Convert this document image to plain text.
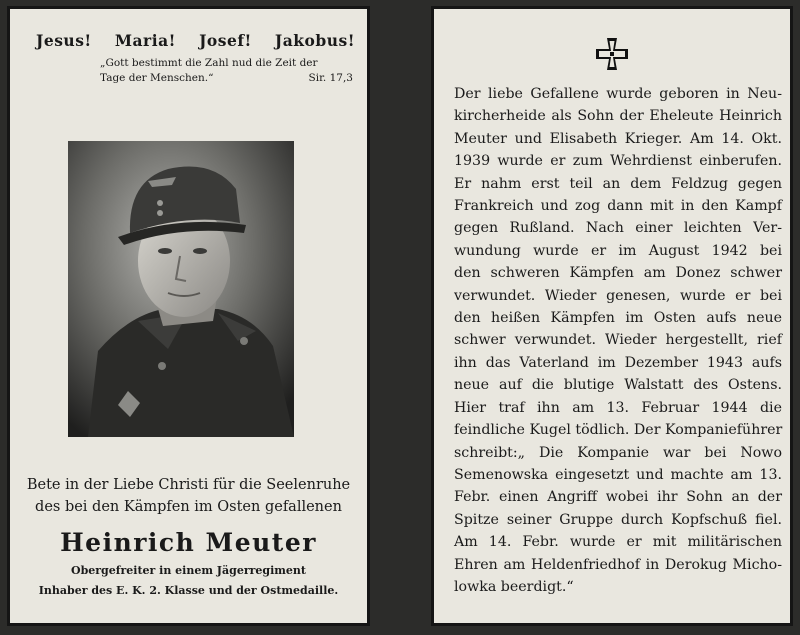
Jesus! Maria! Josef! Jakobus!
„Gott bestimmt die Zahl nud die Zeit der
Tage der Menschen.“	Sir. 17,3
Bete in der Liebe Christi für die Seelenruhe
des bei den Kämpfen im Osten gefallenen
Heinrich Meuter
Obergefreiter in einem Jägerregiment
Inhaber des E. K. 2. Klasse und der Ostmedaille.
Der liebe Gefallene wurde geboren in Neu-
kircherheide als Sohn der Eheleute Heinrich
Meuter und Elisabeth Krieger. Am 14. Okt.
1939 wurde er zum Wehrdienst einberufen.
Er nahm erst teil an dem Feldzug gegen
Frankreich und zog dann mit in den Kampf
gegen Rußland. Nach einer leichten Ver-
wundung wurde er im August 1942 bei
den schweren Kämpfen am Donez schwer
verwundet. Wieder genesen, wurde er bei
den heißen Kämpfen im Osten aufs neue
schwer verwundet. Wieder hergestellt, rief
ihn das Vaterland im Dezember 1943 aufs
neue auf die blutige Walstatt des Ostens.
Hier traf ihn am 13. Februar 1944 die
feindliche Kugel tödlich. Der Kompanieführer
schreibt:„ Die Kompanie war bei Nowo
Semenowska eingesetzt und machte am 13.
Febr. einen Angriff wobei ihr Sohn an der
Spitze seiner Gruppe durch Kopfschuß fiel.
Am 14. Febr. wurde er mit militärischen
Ehren am Heldenfriedhof in Derokug Micho-
lowka beerdigt.“
